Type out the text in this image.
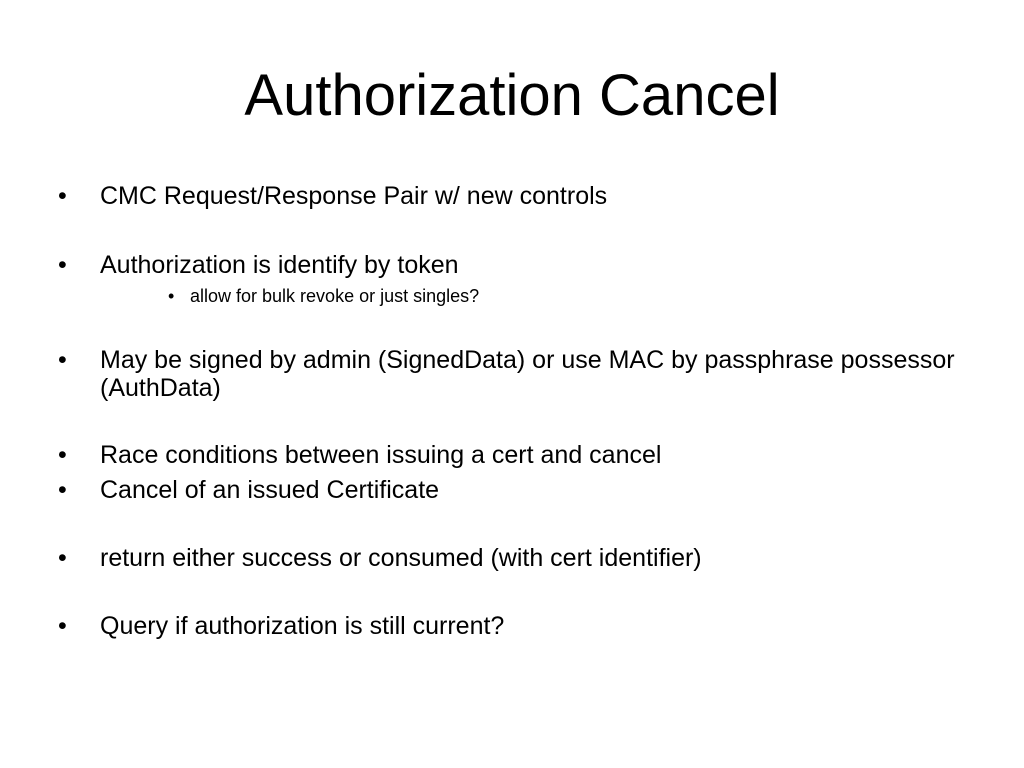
Authorization Cancel
•	CMC Request/Response Pair w/ new controls
•	Authorization is identify by token
• allow for bulk revoke or just singles?
•	May be signed by admin (SignedData) or use MAC by passphrase possessor (AuthData)
•	Race conditions between issuing a cert and cancel
•	Cancel of an issued Certificate
•	return either success or consumed (with cert identifier)
•	Query if authorization is still current?
